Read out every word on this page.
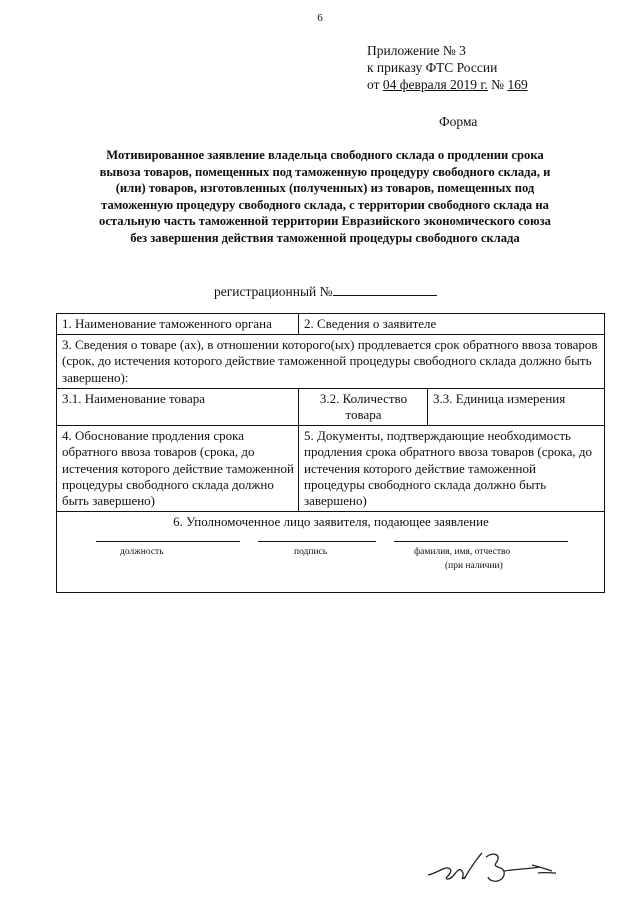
6
Приложение № 3
к приказу ФТС России
от 04 февраля 2019 г. № 169
Форма
Мотивированное заявление владельца свободного склада о продлении срока
вывоза товаров, помещенных под таможенную процедуру свободного склада, и
(или) товаров, изготовленных (полученных) из товаров, помещенных под
таможенную процедуру свободного склада, с территории свободного склада на
остальную часть таможенной территории Евразийского экономического союза
без завершения действия таможенной процедуры свободного склада
регистрационный №
1. Наименование таможенного органа	2. Сведения о заявителе	
3. Сведения о товаре (ах), в отношении которого(ых) продлевается срок обратного ввоза товаров (срок, до истечения которого действие таможенной процедуры свободного склада должно быть завершено):		
3.1. Наименование товара	3.2. Количество товара	3.3. Единица измерения
4. Обоснование продления срока обратного ввоза товаров (срока, до истечения которого действие таможенной процедуры свободного склада должно быть завершено)	5. Документы, подтверждающие необходимость продления срока обратного ввоза товаров (срока, до истечения которого действие таможенной процедуры свободного склада должно быть завершено)	

6. Уполномоченное лицо заявителя, подающее заявление
должность подпись фамилия, имя, отчество
(при наличии)		
